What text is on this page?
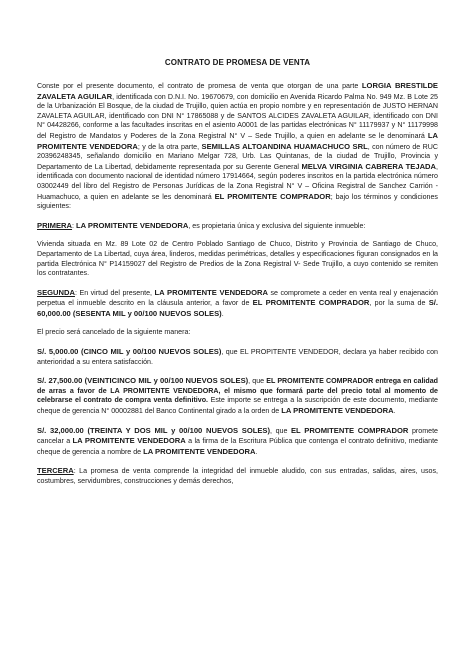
CONTRATO DE PROMESA DE VENTA

Conste por el presente documento, el contrato de promesa de venta que otorgan de una parte LORGIA BRESTILDE ZAVALETA AGUILAR, identificada con D.N.I. No. 19670679, con domicilio en Avenida Ricardo Palma No. 949 Mz. B Lote 25 de la Urbanización El Bosque, de la ciudad de Trujillo, quien actúa en propio nombre y en representación de JUSTO HERNAN ZAVALETA AGUILAR, identificado con DNI N° 17865088 y de SANTOS ALCIDES ZAVALETA AGUILAR, identificado con DNI N° 04428266, conforme a las facultades inscritas en el asiento A0001 de las partidas electrónicas N° 11179937 y N° 11179998 del Registro de Mandatos y Poderes de la Zona Registral N° V – Sede Trujillo, a quien en adelante se le denominará LA PROMITENTE VENDEDORA; y de la otra parte, SEMILLAS ALTOANDINA HUAMACHUCO SRL, con número de RUC 20396248345, señalando domicilio en Mariano Melgar 728, Urb. Las Quintanas, de la ciudad de Trujillo, Provincia y Departamento de La Libertad, debidamente representada por su Gerente General MELVA VIRGINIA CABRERA TEJADA, identificada con documento nacional de identidad número 17914664, según poderes inscritos en la partida electrónica número 03002449 del libro del Registro de Personas Jurídicas de la Zona Registral N° V – Oficina Registral de Sanchez Carrión - Huamachuco, a quien en adelante se les denominará EL PROMITENTE COMPRADOR; bajo los términos y condiciones siguientes:

PRIMERA: LA PROMITENTE VENDEDORA, es propietaria única y exclusiva del siguiente inmueble:

Vivienda situada en Mz. 89 Lote 02 de Centro Poblado Santiago de Chuco, Distrito y Provincia de Santiago de Chuco, Departamento de La Libertad, cuya área, linderos, medidas perimétricas, detalles y especificaciones figuran consignados en la partida Electrónica N° P14159027 del Registro de Predios de la Zona Registral V- Sede Trujillo, a cuyo contenido se remiten los contratantes.

SEGUNDA: En virtud del presente, LA PROMITENTE VENDEDORA se compromete a ceder en venta real y enajenación perpetua el inmueble descrito en la cláusula anterior, a favor de EL PROMITENTE COMPRADOR, por la suma de S/. 60,000.00 (SESENTA MIL y 00/100 NUEVOS SOLES).

El precio será cancelado de la siguiente manera:

S/. 5,000.00 (CINCO MIL y 00/100 NUEVOS SOLES), que EL PROPITENTE VENDEDOR, declara ya haber recibido con anterioridad a su entera satisfacción.

S/. 27,500.00 (VEINTICINCO MIL y 00/100 NUEVOS SOLES), que EL PROMITENTE COMPRADOR entrega en calidad de arras a favor de LA PROMITENTE VENDEDORA, el mismo que formará parte del precio total al momento de celebrarse el contrato de compra venta definitivo. Este importe se entrega a la suscripción de este documento, mediante cheque de gerencia N° 00002881 del Banco Continental girado a la orden de LA PROMITENTE VENDEDORA.

S/. 32,000.00 (TREINTA Y DOS MIL y 00/100 NUEVOS SOLES), que EL PROMITENTE COMPRADOR promete cancelar a LA PROMITENTE VENDEDORA a la firma de la Escritura Pública que contenga el contrato definitivo, mediante cheque de gerencia a nombre de LA PROMITENTE VENDEDORA.

TERCERA: La promesa de venta comprende la integridad del inmueble aludido, con sus entradas, salidas, aires, usos, costumbres, servidumbres, construcciones y demás derechos,
